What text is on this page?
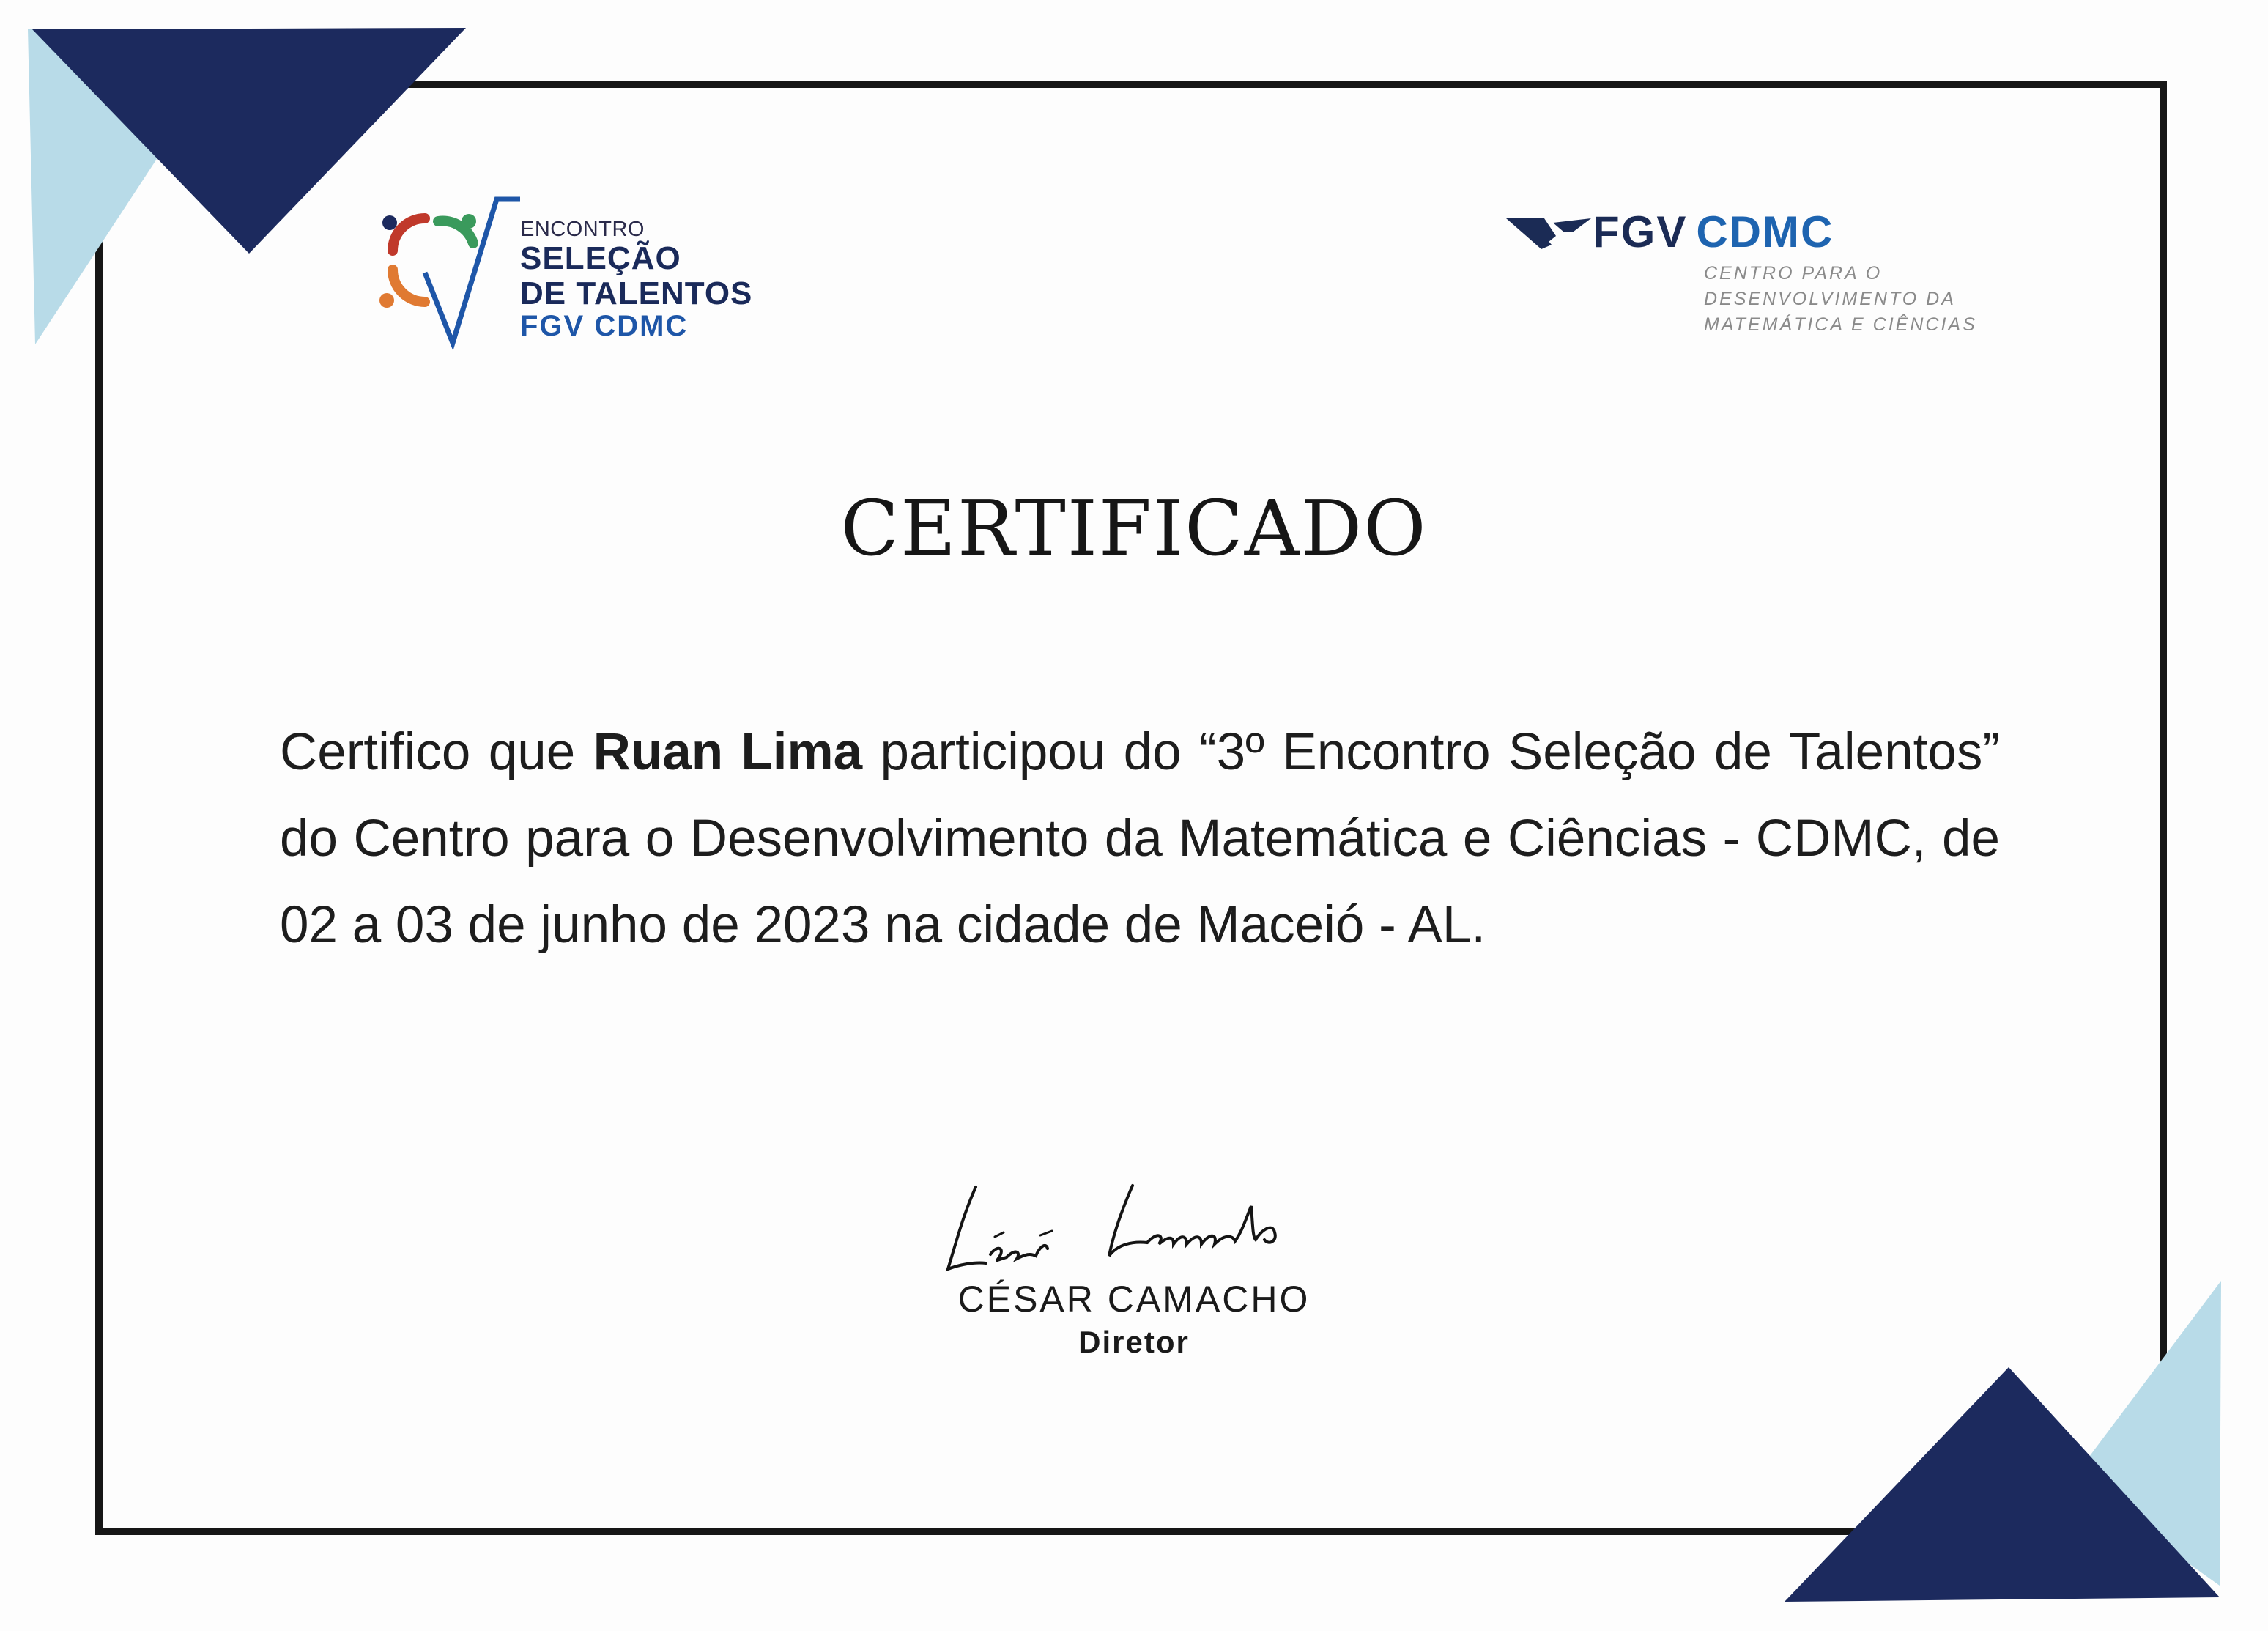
ENCONTRO
SELEÇÃO
DE TALENTOS
FGV CDMC
FGV CDMC
CENTRO PARA O
DESENVOLVIMENTO DA
MATEMÁTICA E CIÊNCIAS
CERTIFICADO

Certifico que Ruan Lima participou do “3º Encontro Seleção de Talentos” do Centro para o Desenvolvimento da Matemática e Ciências - CDMC, de 02 a 03 de junho de 2023 na cidade de Maceió - AL.

CÉSAR CAMACHO
Diretor
